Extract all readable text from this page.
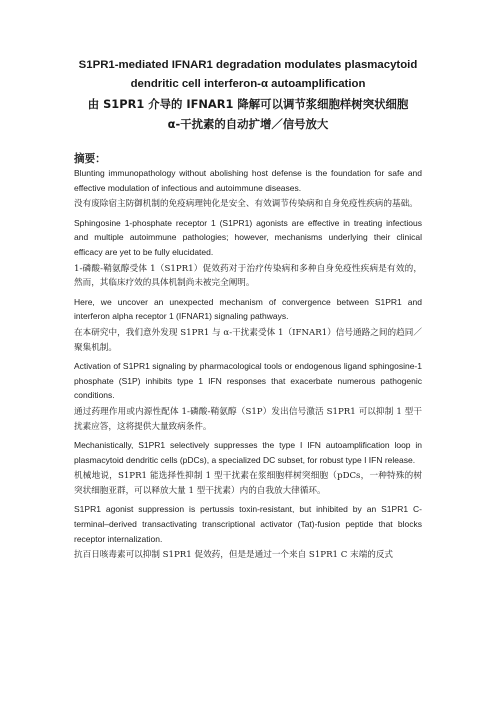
S1PR1-mediated IFNAR1 degradation modulates plasmacytoid
dendritic cell interferon-α autoamplification
由 S1PR1 介导的 IFNAR1 降解可以调节浆细胞样树突状细胞
α-干扰素的自动扩增／信号放大
摘要：

Blunting immunopathology without abolishing host defense is the foundation for safe and effective modulation of infectious and autoimmune diseases.

没有废除宿主防御机制的免疫病理钝化是安全、有效调节传染病和自身免疫性疾病的基础。

Sphingosine 1-phosphate receptor 1 (S1PR1) agonists are effective in treating infectious and multiple autoimmune pathologies; however, mechanisms underlying their clinical efficacy are yet to be fully elucidated.

1-磷酸-鞘氨醇受体 1（S1PR1）促效药对于治疗传染病和多种自身免疫性疾病是有效的，然而，其临床疗效的具体机制尚未被完全阐明。

Here, we uncover an unexpected mechanism of convergence between S1PR1 and interferon alpha receptor 1 (IFNAR1) signaling pathways.

在本研究中，我们意外发现 S1PR1 与 α-干扰素受体 1（IFNAR1）信号通路之间的趋同／聚集机制。

Activation of S1PR1 signaling by pharmacological tools or endogenous ligand sphingosine-1 phosphate (S1P) inhibits type 1 IFN responses that exacerbate numerous pathogenic conditions.

通过药理作用或内源性配体 1-磷酸-鞘氨醇（S1P）发出信号激活 S1PR1 可以抑制 1 型干扰素应答，这将提供大量致病条件。

Mechanistically, S1PR1 selectively suppresses the type I IFN autoamplification loop in plasmacytoid dendritic cells (pDCs), a specialized DC subset, for robust type I IFN release.

机械地说，S1PR1 能选择性抑制 1 型干扰素在浆细胞样树突细胞（pDCs，一种特殊的树突状细胞亚群，可以释放大量 1 型干扰素）内的自我放大律循环。

S1PR1 agonist suppression is pertussis toxin-resistant, but inhibited by an S1PR1 C-terminal–derived transactivating transcriptional activator (Tat)-fusion peptide that blocks receptor internalization.

抗百日咳毒素可以抑制 S1PR1 促效药，但是是通过一个来自 S1PR1 C 末端的反式
